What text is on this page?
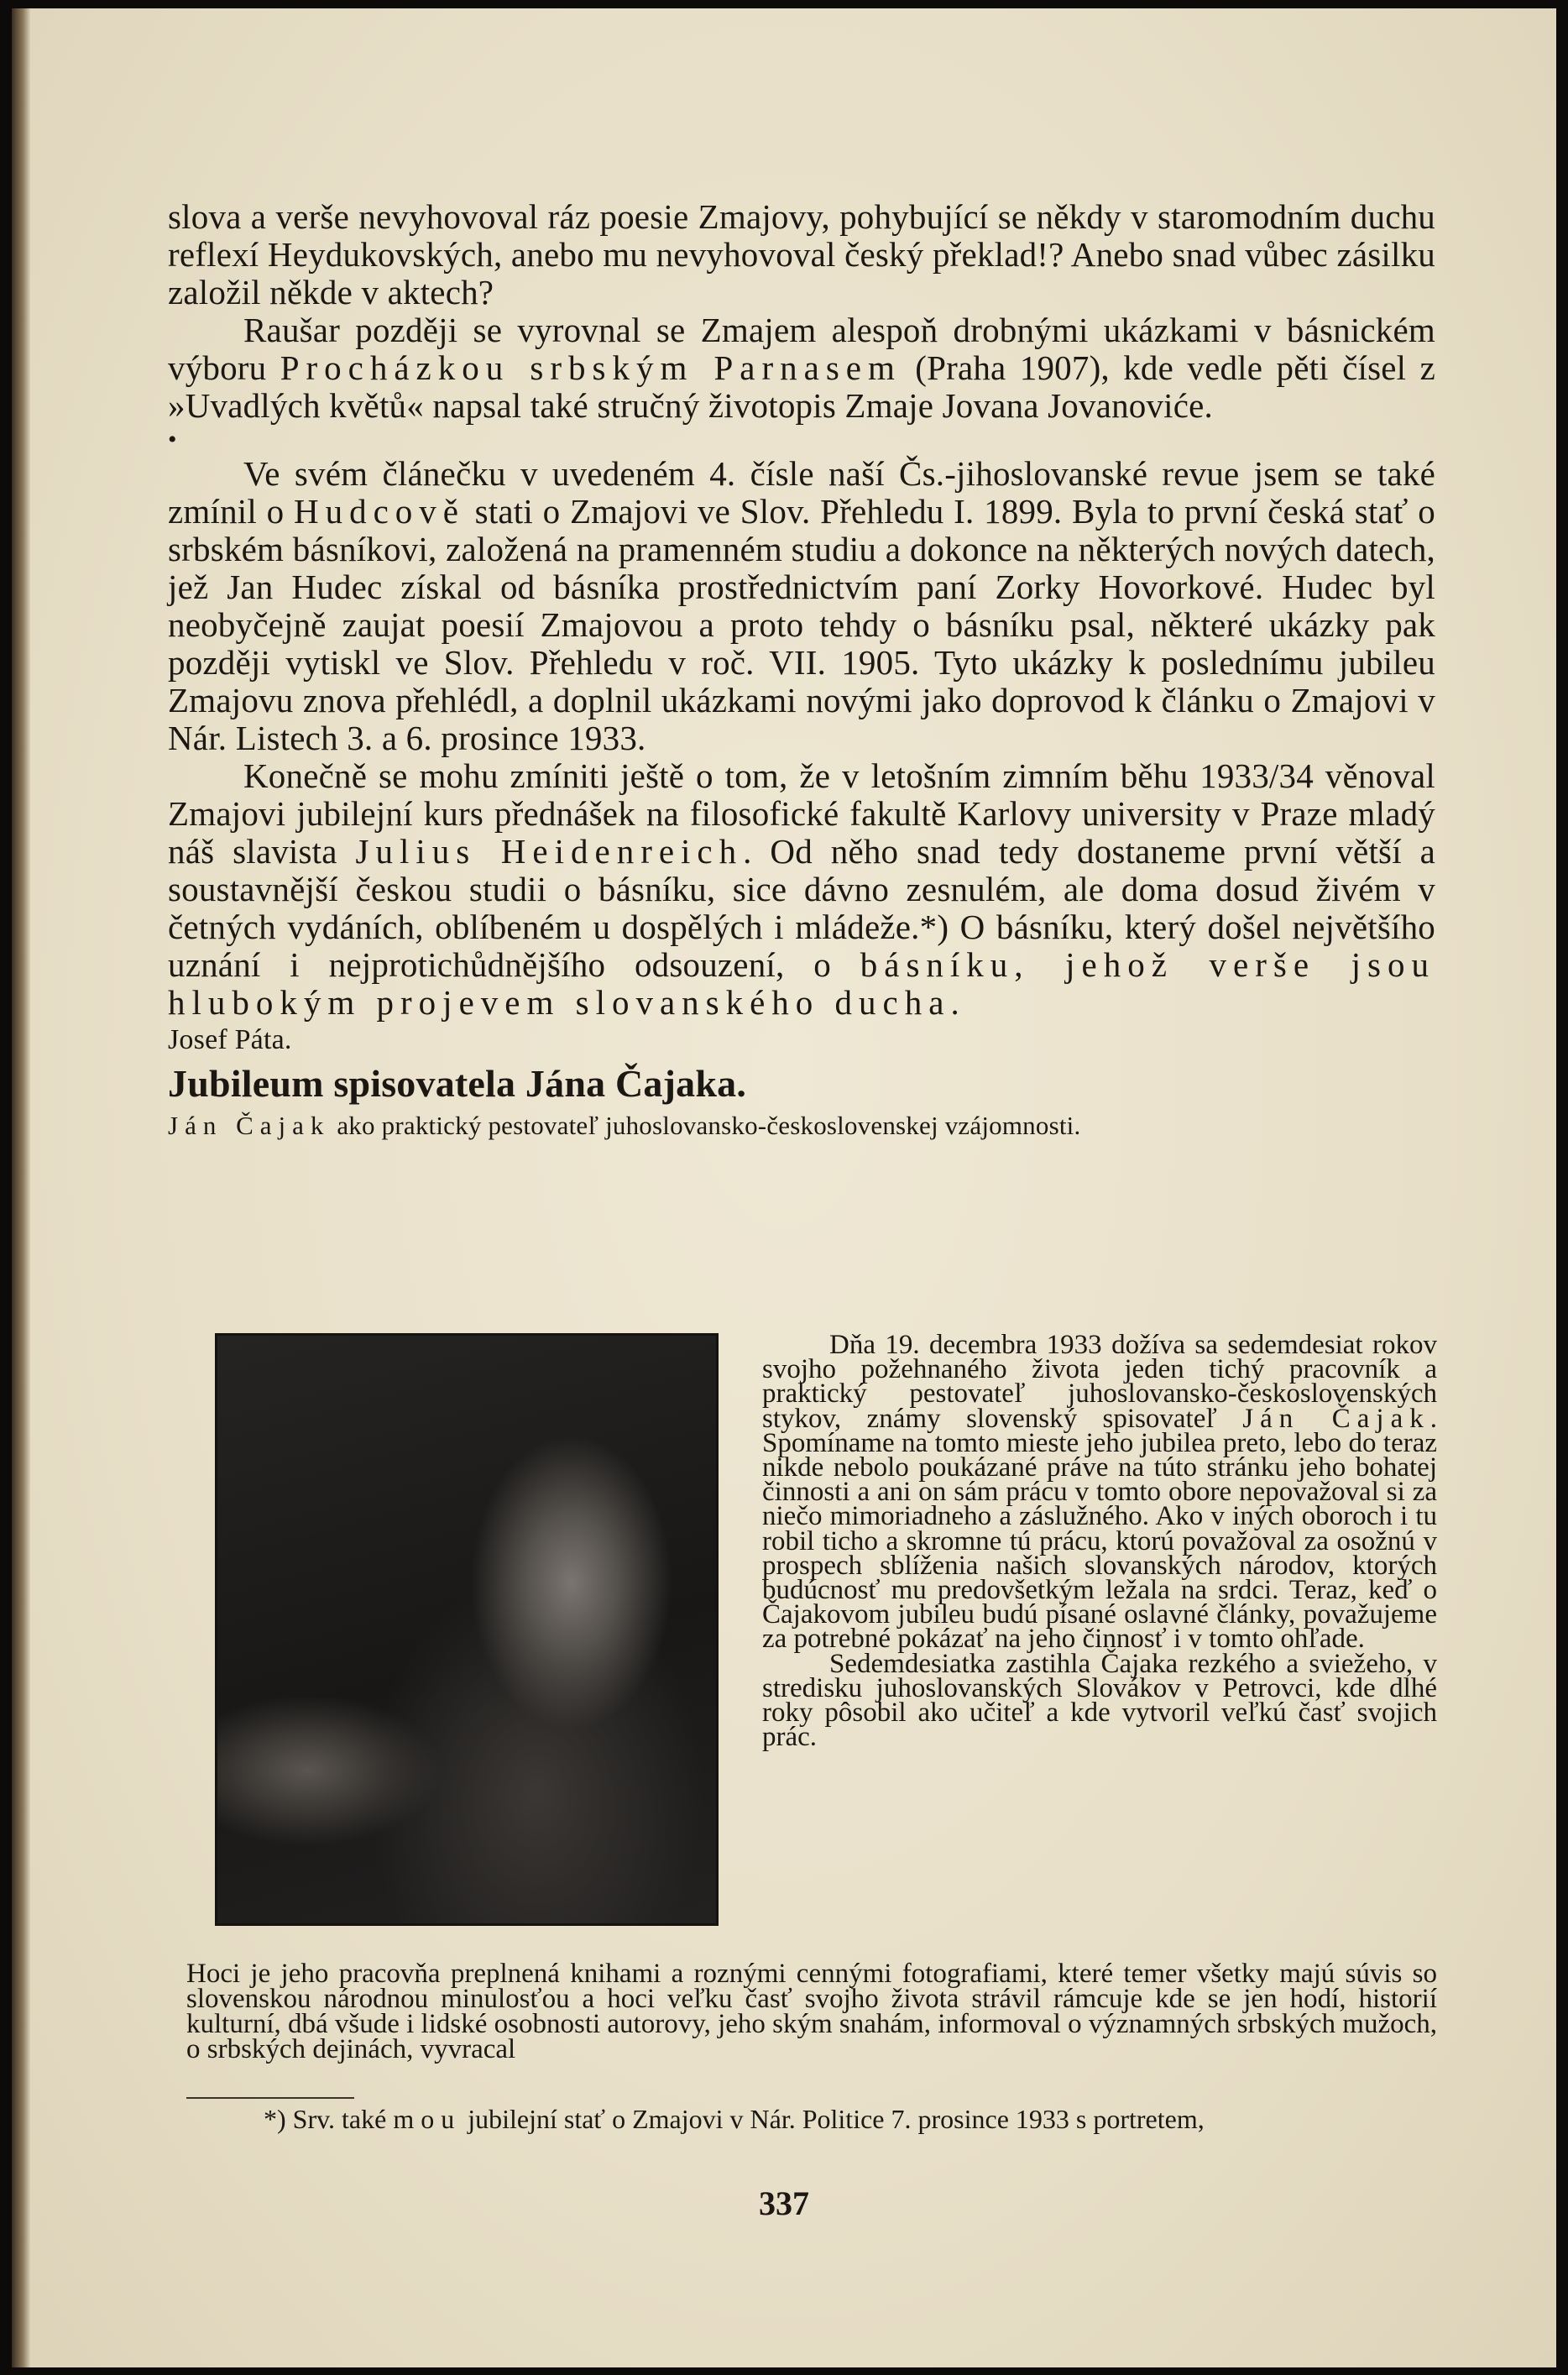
slova a verše nevyhovoval ráz poesie Zmajovy, pohybující se někdy v staromodním duchu reflexí Heydukovských, anebo mu nevyhovoval český překlad!? Anebo snad vůbec zásilku založil někde v aktech?

Raušar později se vyrovnal se Zmajem alespoň drobnými ukázkami v básnickém výboru Procházkou srbským Parnasem (Praha 1907), kde vedle pěti čísel z »Uvadlých květů« napsal také stručný životopis Zmaje Jovana Jovanoviće.

•

Ve svém článečku v uvedeném 4. čísle naší Čs.-jihoslovanské revue jsem se také zmínil o Hudcově stati o Zmajovi ve Slov. Přehledu I. 1899. Byla to první česká stať o srbském básníkovi, založená na pramenném studiu a dokonce na některých nových datech, jež Jan Hudec získal od básníka prostřednictvím paní Zorky Hovorkové. Hudec byl neobyčejně zaujat poesií Zmajovou a proto tehdy o básníku psal, některé ukázky pak později vytiskl ve Slov. Přehledu v roč. VII. 1905. Tyto ukázky k poslednímu jubileu Zmajovu znova přehlédl, a doplnil ukázkami novými jako doprovod k článku o Zmajovi v Nár. Listech 3. a 6. prosince 1933.

Konečně se mohu zmíniti ještě o tom, že v letošním zimním běhu 1933/34 věnoval Zmajovi jubilejní kurs přednášek na filosofické fakultě Karlovy university v Praze mladý náš slavista Julius Heidenreich. Od něho snad tedy dostaneme první větší a soustavnější českou studii o básníku, sice dávno zesnulém, ale doma dosud živém v četných vydáních, oblíbeném u dospělých i mládeže.*) O básníku, který došel největšího uznání i nejprotichůdnějšího odsouzení, o básníku, jehož verše jsou hlubokým projevem slovanského ducha.

Josef Páta.

Jubileum spisovatela Jána Čajaka.

Ján Čajak ako praktický pestovateľ juhoslovansko-československej vzájomnosti.

Dňa 19. decembra 1933 dožíva sa sedemdesiat rokov svojho požehnaného života jeden tichý pracovník a praktický pestovateľ juhoslovansko-československých stykov, známy slovenský spisovateľ Ján Čajak. Spomíname na tomto mieste jeho jubilea preto, lebo do teraz nikde nebolo poukázané práve na túto stránku jeho bohatej činnosti a ani on sám prácu v tomto obore nepovažoval si za niečo mimoriadneho a záslužného. Ako v iných oboroch i tu robil ticho a skromne tú prácu, ktorú považoval za osožnú v prospech sblíženia našich slovanských národov, ktorých budúcnosť mu predovšetkým ležala na srdci. Teraz, keď o Čajakovom jubileu budú písané oslavné články, považujeme za potrebné pokázať na jeho činnosť i v tomto ohľade.

Sedemdesiatka zastihla Čajaka rezkého a sviežeho, v stredisku juhoslovanských Slovákov v Petrovci, kde dlhé roky pôsobil ako učiteľ a kde vytvoril veľkú časť svojich prác.

Hoci je jeho pracovňa preplnená knihami a roznými cennými fotografiami, které temer všetky majú súvis so slovenskou národnou minulosťou a hoci veľku časť svojho života strávil rámcuje kde se jen hodí, historií kulturní, dbá všude i lidské osobnosti autorovy, jeho ským snahám, informoval o významných srbských mužoch, o srbských dejinách, vyvracal

*) Srv. také mou jubilejní stať o Zmajovi v Nár. Politice 7. prosince 1933 s portretem,
337
